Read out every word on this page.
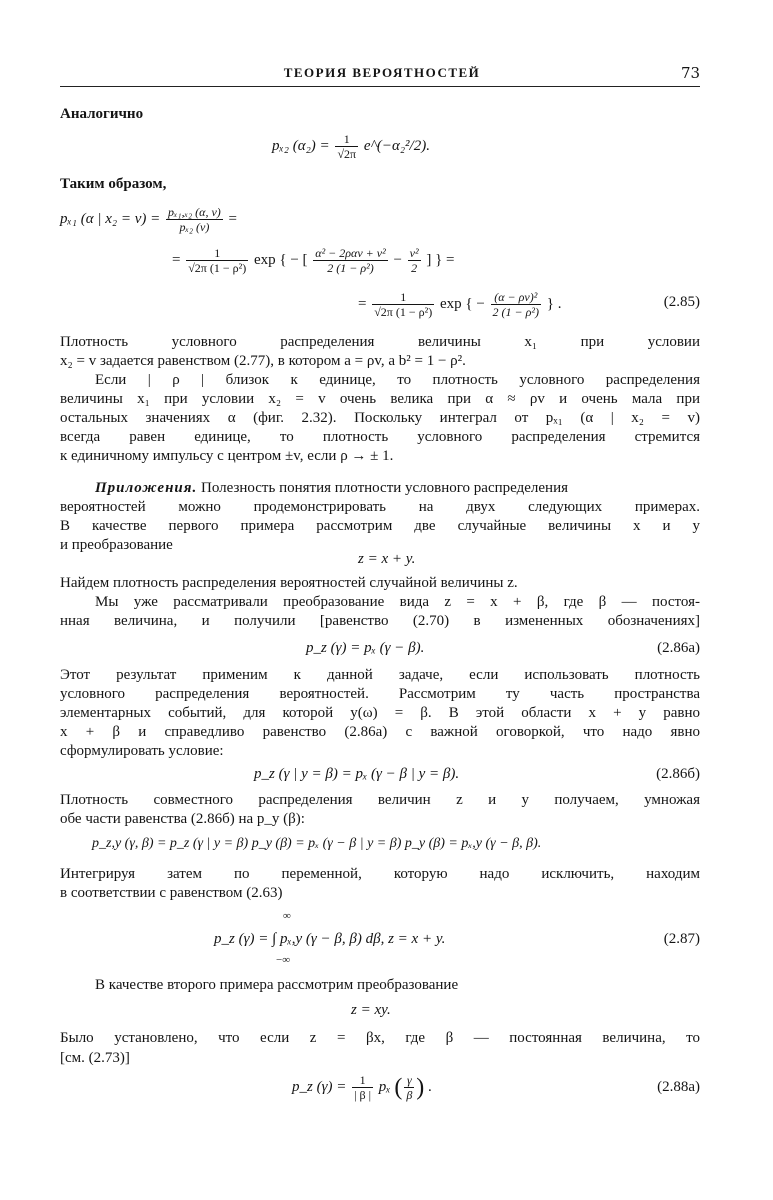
ТЕОРИЯ ВЕРОЯТНОСТЕЙ	73
Аналогично
pₓ₂ $(\alpha_2) = \frac{1}{√2\pi}$ e^(−α₂²/2).
Таким образом,
pₓ₁ (α | $x_2 = v) = \frac{\text{pₓ₁,ₓ₂ (α, v)}}{\text{pₓ₂ (v)}}$ =
= $\frac{1}{\text{√2π (1 − ρ²)}}$ exp { − [ $\frac{\text{α² − 2ραv + v²}}{\text{2 (1 − ρ²)}} - \frac{\text{v²}}{2}$ ] } =
= $\frac{1}{\text{√2π (1 − ρ²)}}$ exp { − $\frac{\text{(α − ρv)²}}{\text{2 (1 − ρ²)}}$ } .	(2.85)
Плотность условного распределения величины x₁ при условии
x₂ = v задается равенством (2.77), в котором a = ρv, а b² = 1 − ρ².
Если | ρ | близок к единице, то плотность условного распределения
величины x₁ при условии x₂ = v очень велика при α ≈ ρv и очень мала при
остальных значениях α (фиг. 2.32). Поскольку интеграл от pₓ₁ (α | x₂ = v)
всегда равен единице, то плотность условного распределения стремится
к единичному импульсу с центром ±v, если ρ → ± 1.
Приложения. Полезность понятия плотности условного распределения
вероятностей можно продемонстрировать на двух следующих примерах.
В качестве первого примера рассмотрим две случайные величины x и y
и преобразование
z = x + y.
Найдем плотность распределения вероятностей случайной величины z.
Мы уже рассматривали преобразование вида z = x + β, где β — постоя-
нная величина, и получили [равенство (2.70) в измененных обозначениях]
p_z (γ) = pₓ (γ − β).	(2.86а)
Этот результат применим к данной задаче, если использовать плотность
условного распределения вероятностей. Рассмотрим ту часть пространства
элементарных событий, для которой y(ω) = β. В этой области x + y равно
x + β и справедливо равенство (2.86а) с важной оговоркой, что надо явно
сформулировать условие:
p_z (γ | y = β) = pₓ (γ − β | y = β).	(2.86б)
Плотность совместного распределения величин z и y получаем, умножая
обе части равенства (2.86б) на p_y (β):
p_z,y (γ, β) = p_z (γ | y = β) p_y (β) = pₓ (γ − β | y = β) p_y (β) = pₓ,y (γ − β, β).
Интегрируя затем по переменной, которую надо исключить, находим
в соответствии с равенством (2.63)
∞
p_z (γ) = ∫ pₓ,y (γ − β, β) dβ, z = x + y.
−∞
(2.87)
В качестве второго примера рассмотрим преобразование
z = xy.
Было установлено, что если z = βx, где β — постоянная величина, то
[см. (2.73)]
p_z $(\gamma) = \frac{1}{| \beta |}$ pₓ ( $\frac{\gamma}{\beta}$ ) .	(2.88а)
